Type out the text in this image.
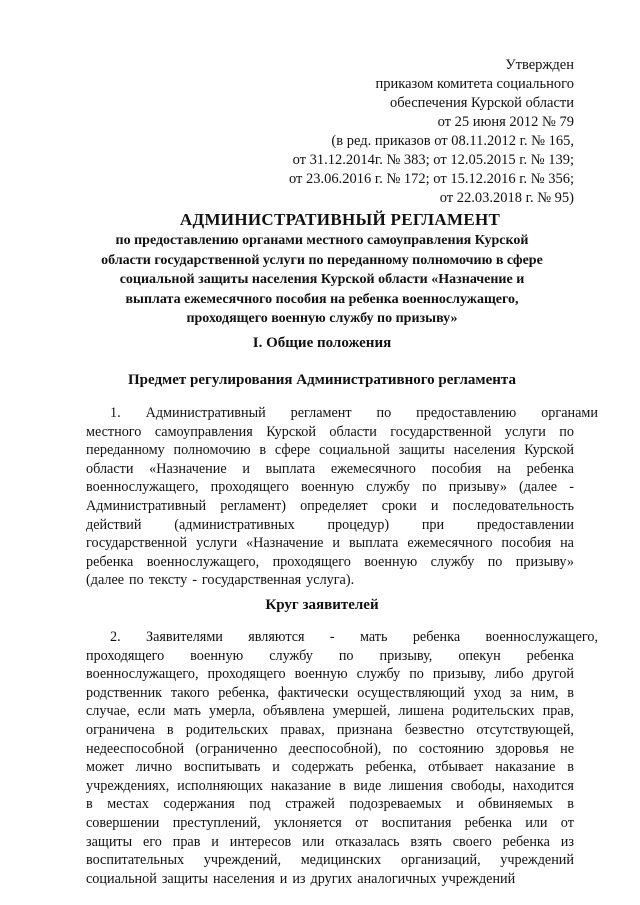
Утвержден
приказом комитета социального
обеспечения Курской области
от 25 июня 2012 № 79
(в ред. приказов от 08.11.2012 г. № 165,
от 31.12.2014г. № 383; от 12.05.2015 г. № 139;
от 23.06.2016 г. № 172; от 15.12.2016 г. № 356;
от 22.03.2018 г. № 95)
АДМИНИСТРАТИВНЫЙ РЕГЛАМЕНТ
по предоставлению органами местного самоуправления Курской
области государственной услуги по переданному полномочию в сфере
социальной защиты населения Курской области «Назначение и
выплата ежемесячного пособия на ребенка военнослужащего,
проходящего военную службу по призыву»
I. Общие положения
Предмет регулирования Административного регламента
1. Административный регламент по предоставлению органами
местного самоуправления Курской области государственной услуги по
переданному полномочию в сфере социальной защиты населения Курской
области «Назначение и выплата ежемесячного пособия на ребенка
военнослужащего, проходящего военную службу по призыву» (далее -
Административный регламент) определяет сроки и последовательность
действий (административных процедур) при предоставлении
государственной услуги «Назначение и выплата ежемесячного пособия на
ребенка военнослужащего, проходящего военную службу по призыву»
(далее по тексту - государственная услуга).
Круг заявителей
2. Заявителями являются - мать ребенка военнослужащего,
проходящего военную службу по призыву, опекун ребенка
военнослужащего, проходящего военную службу по призыву, либо другой
родственник такого ребенка, фактически осуществляющий уход за ним, в
случае, если мать умерла, объявлена умершей, лишена родительских прав,
ограничена в родительских правах, признана безвестно отсутствующей,
недееспособной (ограниченно дееспособной), по состоянию здоровья не
может лично воспитывать и содержать ребенка, отбывает наказание в
учреждениях, исполняющих наказание в виде лишения свободы, находится
в местах содержания под стражей подозреваемых и обвиняемых в
совершении преступлений, уклоняется от воспитания ребенка или от
защиты его прав и интересов или отказалась взять своего ребенка из
воспитательных учреждений, медицинских организаций, учреждений
социальной защиты населения и из других аналогичных учреждений
